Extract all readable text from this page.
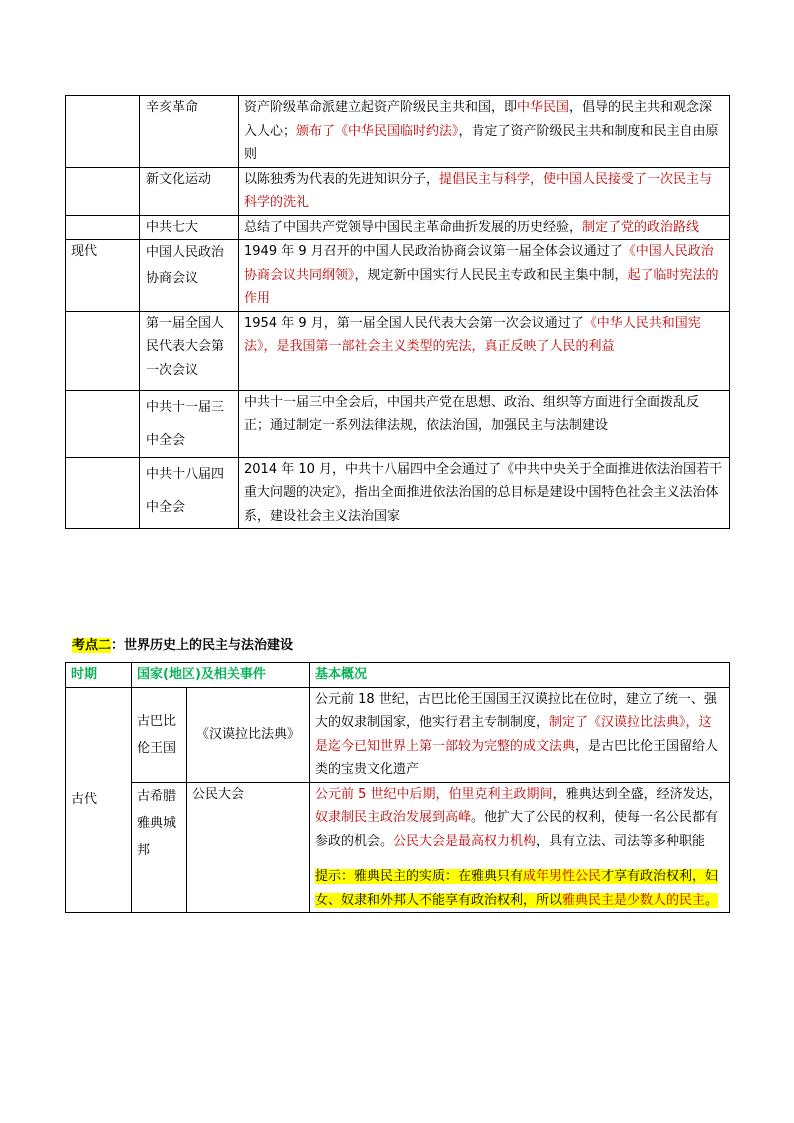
	辛亥革命	资产阶级革命派建立起资产阶级民主共和国，即中华民国，倡导的民主共和观念深入人心；颁布了《中华民国临时约法》，肯定了资产阶级民主共和制度和民主自由原则
	新文化运动	以陈独秀为代表的先进知识分子，提倡民主与科学，使中国人民接受了一次民主与科学的洗礼
	中共七大	总结了中国共产党领导中国民主革命曲折发展的历史经验，制定了党的政治路线
现代	中国人民政治协商会议	1949 年 9 月召开的中国人民政治协商会议第一届全体会议通过了《中国人民政治协商会议共同纲领》，规定新中国实行人民民主专政和民主集中制，起了临时宪法的作用
	第一届全国人民代表大会第一次会议	1954 年 9 月，第一届全国人民代表大会第一次会议通过了《中华人民共和国宪法》，是我国第一部社会主义类型的宪法，真正反映了人民的利益
	中共十一届三中全会	中共十一届三中全会后，中国共产党在思想、政治、组织等方面进行全面拨乱反正；通过制定一系列法律法规，依法治国，加强民主与法制建设
	中共十八届四中全会	2014 年 10 月，中共十八届四中全会通过了《中共中央关于全面推进依法治国若干重大问题的决定》，指出全面推进依法治国的总目标是建设中国特色社会主义法治体系，建设社会主义法治国家
考点二：世界历史上的民主与法治建设
时期	国家(地区)及相关事件		基本概况
古代	古巴比伦王国	《汉谟拉比法典》	公元前 18 世纪，古巴比伦王国国王汉谟拉比在位时，建立了统一、强大的奴隶制国家，他实行君主专制制度，制定了《汉谟拉比法典》，这是迄今已知世界上第一部较为完整的成文法典，是古巴比伦王国留给人类的宝贵文化遗产
	古希腊雅典城邦	公民大会	公元前 5 世纪中后期，伯里克利主政期间，雅典达到全盛，经济发达，奴隶制民主政治发展到高峰。他扩大了公民的权利，使每一名公民都有参政的机会。公民大会是最高权力机构，具有立法、司法等多种职能
提示：雅典民主的实质：在雅典只有成年男性公民才享有政治权利，妇女、奴隶和外邦人不能享有政治权利，所以雅典民主是少数人的民主。
